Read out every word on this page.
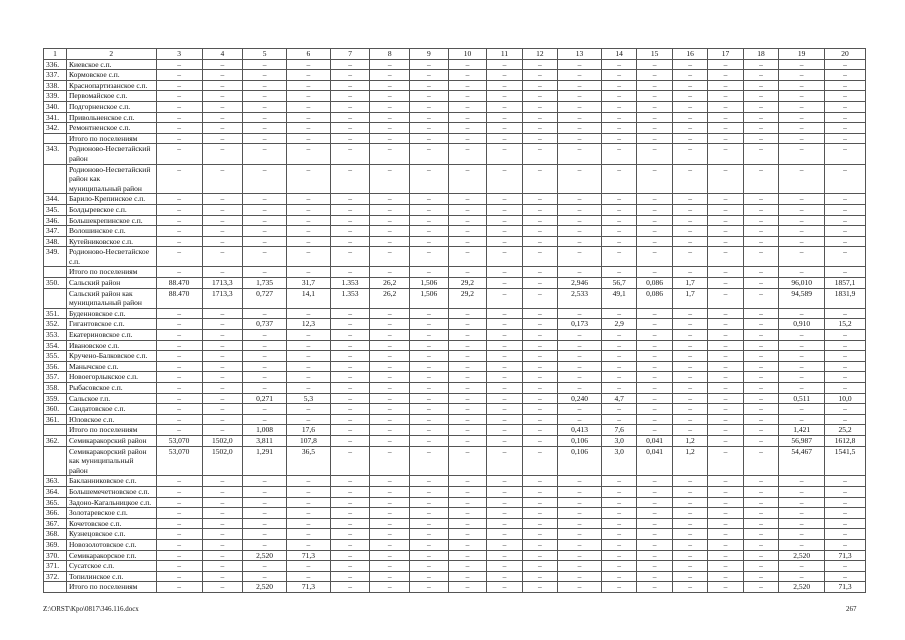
1	2	3	4	5	6	7	8	9	10	11	12	13	14	15	16	17	18	19	20
336.	Киевское с.п.	–	–	–	–	–	–	–	–	–	–	–	–	–	–	–	–	–	–
337.	Кормовское с.п.	–	–	–	–	–	–	–	–	–	–	–	–	–	–	–	–	–	–
338.	Краснопартизанское с.п.	–	–	–	–	–	–	–	–	–	–	–	–	–	–	–	–	–	–
339.	Первомайское с.п.	–	–	–	–	–	–	–	–	–	–	–	–	–	–	–	–	–	–
340.	Подгорненское с.п.	–	–	–	–	–	–	–	–	–	–	–	–	–	–	–	–	–	–
341.	Привольненское с.п.	–	–	–	–	–	–	–	–	–	–	–	–	–	–	–	–	–	–
342.	Ремонтненское с.п.	–	–	–	–	–	–	–	–	–	–	–	–	–	–	–	–	–	–
	Итого по поселениям	–	–	–	–	–	–	–	–	–	–	–	–	–	–	–	–	–	–
343.	Родионово-Несветайский район	–	–	–	–	–	–	–	–	–	–	–	–	–	–	–	–	–	–
	Родионово-Несветайский район как муниципальный район	–	–	–	–	–	–	–	–	–	–	–	–	–	–	–	–	–	–
344.	Барило-Крепинское с.п.	–	–	–	–	–	–	–	–	–	–	–	–	–	–	–	–	–	–
345.	Болдыревское с.п.	–	–	–	–	–	–	–	–	–	–	–	–	–	–	–	–	–	–
346.	Большекрепинское с.п.	–	–	–	–	–	–	–	–	–	–	–	–	–	–	–	–	–	–
347.	Волошинское с.п.	–	–	–	–	–	–	–	–	–	–	–	–	–	–	–	–	–	–
348.	Кутейниковское с.п.	–	–	–	–	–	–	–	–	–	–	–	–	–	–	–	–	–	–
349.	Родионово-Несветайское с.п.	–	–	–	–	–	–	–	–	–	–	–	–	–	–	–	–	–	–
	Итого по поселениям	–	–	–	–	–	–	–	–	–	–	–	–	–	–	–	–	–	–
350.	Сальский район	88.470	1713,3	1,735	31,7	1.353	26,2	1,506	29,2	–	–	2,946	56,7	0,086	1,7	–	–	96,010	1857,1
	Сальский район как муниципальный район	88.470	1713,3	0,727	14,1	1.353	26,2	1,506	29,2	–	–	2,533	49,1	0,086	1,7	–	–	94,589	1831,9
351.	Буденновское с.п.	–	–	–	–	–	–	–	–	–	–	–	–	–	–	–	–	–	–
352.	Гигантовское с.п.	–	–	0,737	12,3	–	–	–	–	–	–	0,173	2,9	–	–	–	–	0,910	15,2
353.	Екатериновское с.п.	–	–	–	–	–	–	–	–	–	–	–	–	–	–	–	–	–	–
354.	Ивановское с.п.	–	–	–	–	–	–	–	–	–	–	–	–	–	–	–	–	–	–
355.	Кручено-Балковское с.п.	–	–	–	–	–	–	–	–	–	–	–	–	–	–	–	–	–	–
356.	Манычское с.п.	–	–	–	–	–	–	–	–	–	–	–	–	–	–	–	–	–	–
357.	Новоегорлыкское с.п.	–	–	–	–	–	–	–	–	–	–	–	–	–	–	–	–	–	–
358.	Рыбасовское с.п.	–	–	–	–	–	–	–	–	–	–	–	–	–	–	–	–	–	–
359.	Сальское г.п.	–	–	0,271	5,3	–	–	–	–	–	–	0,240	4,7	–	–	–	–	0,511	10,0
360.	Сандатовское с.п.	–	–	–	–	–	–	–	–	–	–	–	–	–	–	–	–	–	–
361.	Юловское с.п.	–	–	–	–	–	–	–	–	–	–	–	–	–	–	–	–	–	–
	Итого по поселениям	–	–	1,008	17,6	–	–	–	–	–	–	0,413	7,6	–	–	–	–	1,421	25,2
362.	Семикаракорский район	53,070	1502,0	3,811	107,8	–	–	–	–	–	–	0,106	3,0	0,041	1,2	–	–	56,987	1612,8
	Семикаракорский район как муниципальный район	53,070	1502,0	1,291	36,5	–	–	–	–	–	–	0,106	3,0	0,041	1,2	–	–	54,467	1541,5
363.	Бакланниковское с.п.	–	–	–	–	–	–	–	–	–	–	–	–	–	–	–	–	–	–
364.	Большемечетновское с.п.	–	–	–	–	–	–	–	–	–	–	–	–	–	–	–	–	–	–
365.	Задоно-Кагальницкое с.п.	–	–	–	–	–	–	–	–	–	–	–	–	–	–	–	–	–	–
366.	Золотаревское с.п.	–	–	–	–	–	–	–	–	–	–	–	–	–	–	–	–	–	–
367.	Кочетовское с.п.	–	–	–	–	–	–	–	–	–	–	–	–	–	–	–	–	–	–
368.	Кузнецовское с.п.	–	–	–	–	–	–	–	–	–	–	–	–	–	–	–	–	–	–
369.	Новозолотовское с.п.	–	–	–	–	–	–	–	–	–	–	–	–	–	–	–	–	–	–
370.	Семикаракорское г.п.	–	–	2,520	71,3	–	–	–	–	–	–	–	–	–	–	–	–	2,520	71,3
371.	Сусатское с.п.	–	–	–	–	–	–	–	–	–	–	–	–	–	–	–	–	–	–
372.	Топилинское с.п.	–	–	–	–	–	–	–	–	–	–	–	–	–	–	–	–	–	–
	Итого по поселениям	–	–	2,520	71,3	–	–	–	–	–	–	–	–	–	–	–	–	2,520	71,3
Z:\ORST\Kpo\0817\346.116.docx	267
